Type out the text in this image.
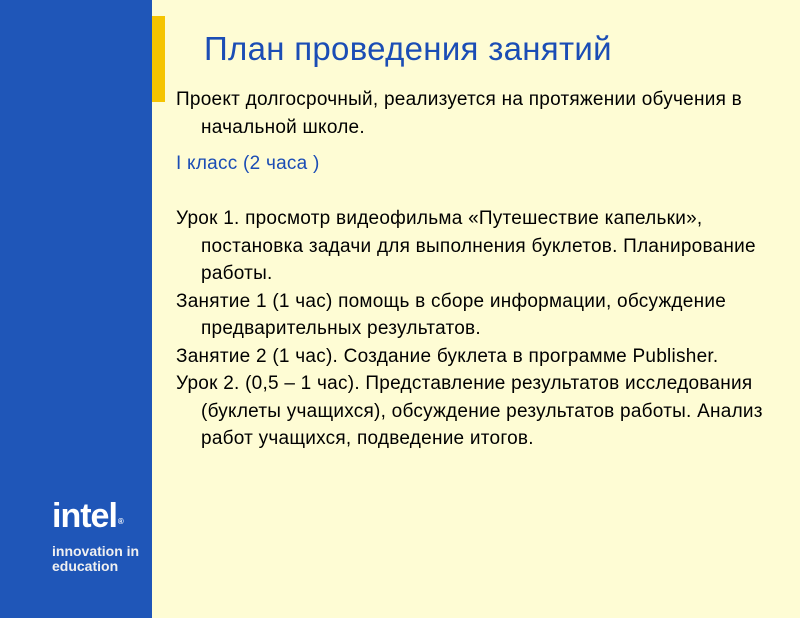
intel®
innovation in
education
План проведения занятий

Проект долгосрочный, реализуется на протяжении обучения в начальной школе.

I класс (2 часа )

Урок 1. просмотр видеофильма «Путешествие капельки», постановка задачи для выполнения буклетов. Планирование работы.

Занятие 1 (1 час) помощь в сборе информации, обсуждение предварительных результатов.

Занятие 2 (1 час). Создание буклета в программе Publisher.

Урок 2. (0,5 – 1 час). Представление результатов исследования (буклеты учащихся), обсуждение результатов работы. Анализ работ учащихся, подведение итогов.
